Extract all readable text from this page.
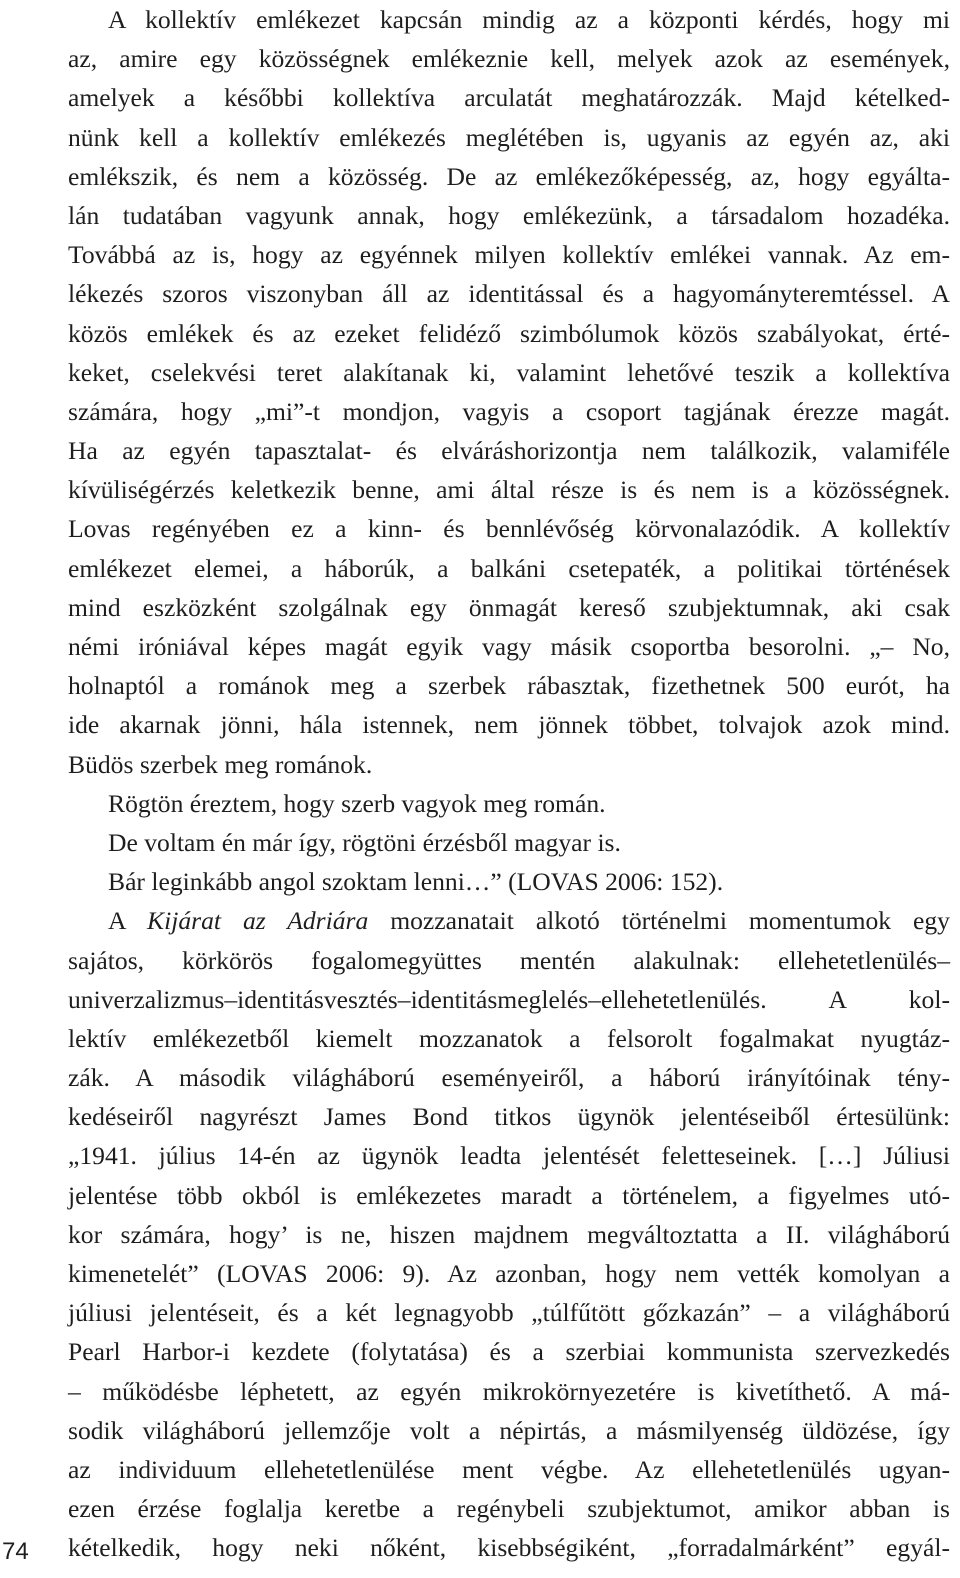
A kollektív emlékezet kapcsán mindig az a központi kérdés, hogy mi
az, amire egy közösségnek emlékeznie kell, melyek azok az események,
amelyek a későbbi kollektíva arculatát meghatározzák. Majd kételked-
nünk kell a kollektív emlékezés meglétében is, ugyanis az egyén az, aki
emlékszik, és nem a közösség. De az emlékezőképesség, az, hogy egyálta-
lán tudatában vagyunk annak, hogy emlékezünk, a társadalom hozadéka.
Továbbá az is, hogy az egyénnek milyen kollektív emlékei vannak. Az em-
lékezés szoros viszonyban áll az identitással és a hagyományteremtéssel. A
közös emlékek és az ezeket felidéző szimbólumok közös szabályokat, érté-
keket, cselekvési teret alakítanak ki, valamint lehetővé teszik a kollektíva
számára, hogy „mi”-t mondjon, vagyis a csoport tagjának érezze magát.
Ha az egyén tapasztalat- és elváráshorizontja nem találkozik, valamiféle
kívüliségérzés keletkezik benne, ami által része is és nem is a közösségnek.
Lovas regényében ez a kinn- és bennlévőség körvonalazódik. A kollektív
emlékezet elemei, a háborúk, a balkáni csetepaték, a politikai történések
mind eszközként szolgálnak egy önmagát kereső szubjektumnak, aki csak
némi iróniával képes magát egyik vagy másik csoportba besorolni. „– No,
holnaptól a románok meg a szerbek rábasztak, fizethetnek 500 eurót, ha
ide akarnak jönni, hála istennek, nem jönnek többet, tolvajok azok mind.
Büdös szerbek meg románok.
Rögtön éreztem, hogy szerb vagyok meg román.
De voltam én már így, rögtöni érzésből magyar is.
Bár leginkább angol szoktam lenni…” (LOVAS 2006: 152).
A Kijárat az Adriára mozzanatait alkotó történelmi momentumok egy
sajátos, körkörös fogalomegyüttes mentén alakulnak: ellehetetlenülés–
univerzalizmus–identitásvesztés–identitásmeglelés–ellehetetlenülés. A kol-
lektív emlékezetből kiemelt mozzanatok a felsorolt fogalmakat nyugtáz-
zák. A második világháború eseményeiről, a háború irányítóinak tény-
kedéseiről nagyrészt James Bond titkos ügynök jelentéseiből értesülünk:
„1941. július 14-én az ügynök leadta jelentését feletteseinek. […] Júliusi
jelentése több okból is emlékezetes maradt a történelem, a figyelmes utó-
kor számára, hogy’ is ne, hiszen majdnem megváltoztatta a II. világháború
kimenetelét” (LOVAS 2006: 9). Az azonban, hogy nem vették komolyan a
júliusi jelentéseit, és a két legnagyobb „túlfűtött gőzkazán” – a világháború
Pearl Harbor-i kezdete (folytatása) és a szerbiai kommunista szervezkedés
– működésbe léphetett, az egyén mikrokörnyezetére is kivetíthető. A má-
sodik világháború jellemzője volt a népirtás, a másmilyenség üldözése, így
az individuum ellehetetlenülése ment végbe. Az ellehetetlenülés ugyan-
ezen érzése foglalja keretbe a regénybeli szubjektumot, amikor abban is
kételkedik, hogy neki nőként, kisebbségiként, „forradalmárként” egyál-
74
